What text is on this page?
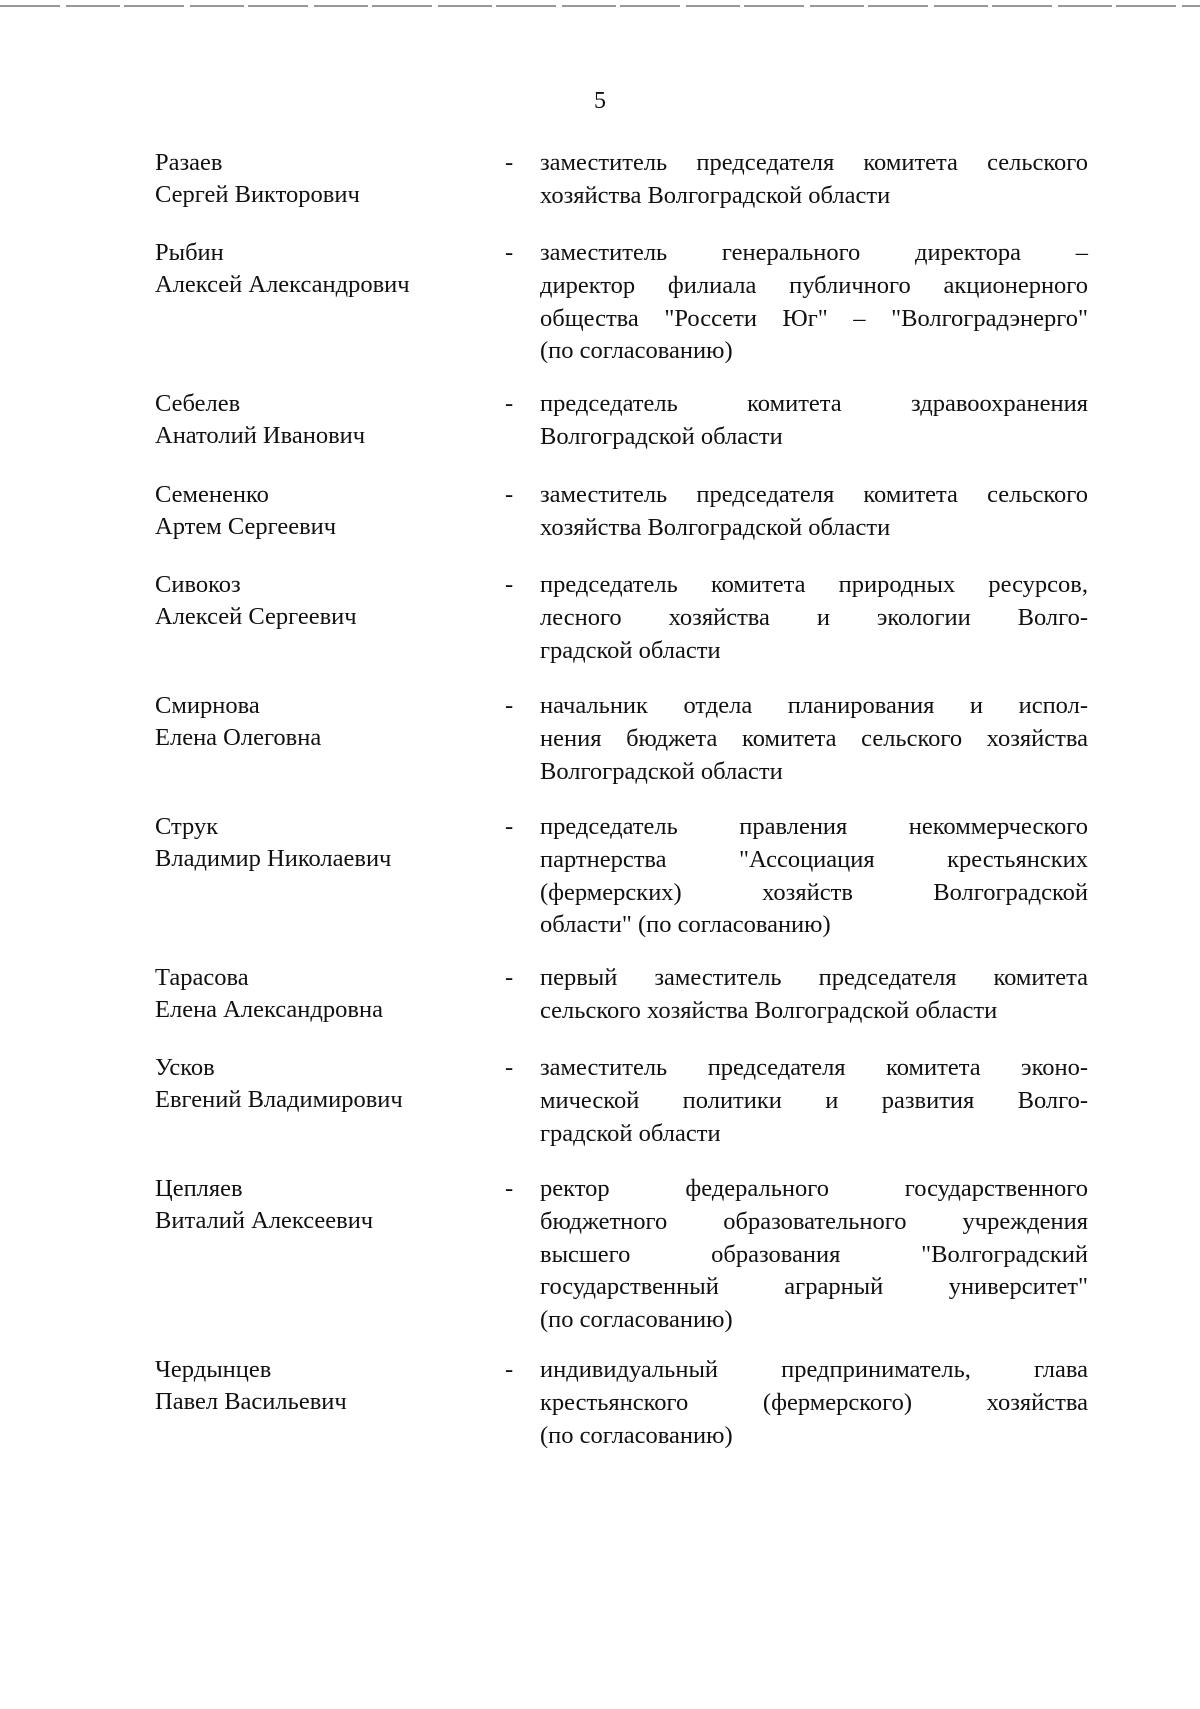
5
Разаев
Сергей Викторович
- заместитель председателя комитета сельского
хозяйства Волгоградской области
Рыбин
Алексей Александрович
- заместитель генерального директора –
директор филиала публичного акционерного
общества "Россети Юг" – "Волгоградэнерго"
(по согласованию)
Себелев
Анатолий Иванович
- председатель комитета здравоохранения
Волгоградской области
Семененко
Артем Сергеевич
- заместитель председателя комитета сельского
хозяйства Волгоградской области
Сивокоз
Алексей Сергеевич
- председатель комитета природных ресурсов,
лесного хозяйства и экологии Волго-
градской области
Смирнова
Елена Олеговна
- начальник отдела планирования и испол-
нения бюджета комитета сельского хозяйства
Волгоградской области
Струк
Владимир Николаевич
- председатель правления некоммерческого
партнерства "Ассоциация крестьянских
(фермерских) хозяйств Волгоградской
области" (по согласованию)
Тарасова
Елена Александровна
- первый заместитель председателя комитета
сельского хозяйства Волгоградской области
Усков
Евгений Владимирович
- заместитель председателя комитета эконо-
мической политики и развития Волго-
градской области
Цепляев
Виталий Алексеевич
- ректор федерального государственного
бюджетного образовательного учреждения
высшего образования "Волгоградский
государственный аграрный университет"
(по согласованию)
Чердынцев
Павел Васильевич
- индивидуальный предприниматель, глава
крестьянского (фермерского) хозяйства
(по согласованию)
